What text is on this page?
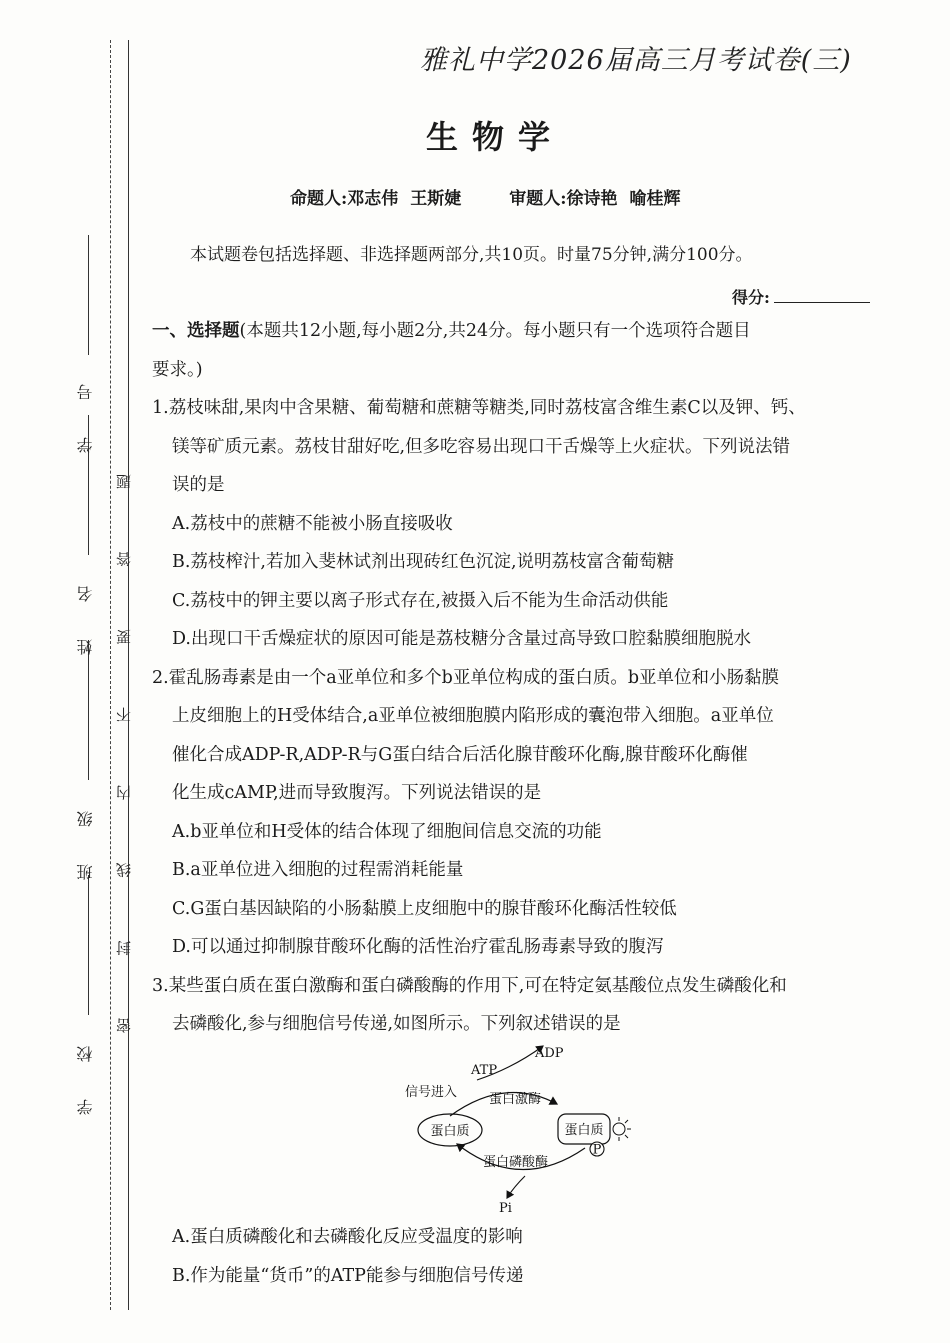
学 校
班 级
姓 名
学 号
密 封 线 内 不 要 答 题
雅礼中学2026届高三月考试卷(三)
生物学
命题人:邓志伟 王斯婕	审题人:徐诗艳 喻桂辉
本试题卷包括选择题、非选择题两部分,共10页。时量75分钟,满分100分。
得分:
一、选择题(本题共12小题,每小题2分,共24分。每小题只有一个选项符合题目
要求。)
1.荔枝味甜,果肉中含果糖、葡萄糖和蔗糖等糖类,同时荔枝富含维生素C以及钾、钙、
镁等矿质元素。荔枝甘甜好吃,但多吃容易出现口干舌燥等上火症状。下列说法错
误的是
A.荔枝中的蔗糖不能被小肠直接吸收
B.荔枝榨汁,若加入斐林试剂出现砖红色沉淀,说明荔枝富含葡萄糖
C.荔枝中的钾主要以离子形式存在,被摄入后不能为生命活动供能
D.出现口干舌燥症状的原因可能是荔枝糖分含量过高导致口腔黏膜细胞脱水
2.霍乱肠毒素是由一个a亚单位和多个b亚单位构成的蛋白质。b亚单位和小肠黏膜
上皮细胞上的H受体结合,a亚单位被细胞膜内陷形成的囊泡带入细胞。a亚单位
催化合成ADP-R,ADP-R与G蛋白结合后活化腺苷酸环化酶,腺苷酸环化酶催
化生成cAMP,进而导致腹泻。下列说法错误的是
A.b亚单位和H受体的结合体现了细胞间信息交流的功能
B.a亚单位进入细胞的过程需消耗能量
C.G蛋白基因缺陷的小肠黏膜上皮细胞中的腺苷酸环化酶活性较低
D.可以通过抑制腺苷酸环化酶的活性治疗霍乱肠毒素导致的腹泻
3.某些蛋白质在蛋白激酶和蛋白磷酸酶的作用下,可在特定氨基酸位点发生磷酸化和
去磷酸化,参与细胞信号传递,如图所示。下列叙述错误的是
P
ADP
ATP
信号进入 蛋白激酶
蛋白质	蛋白质
蛋白磷酸酶
Pi
A.蛋白质磷酸化和去磷酸化反应受温度的影响
B.作为能量“货币”的ATP能参与细胞信号传递
